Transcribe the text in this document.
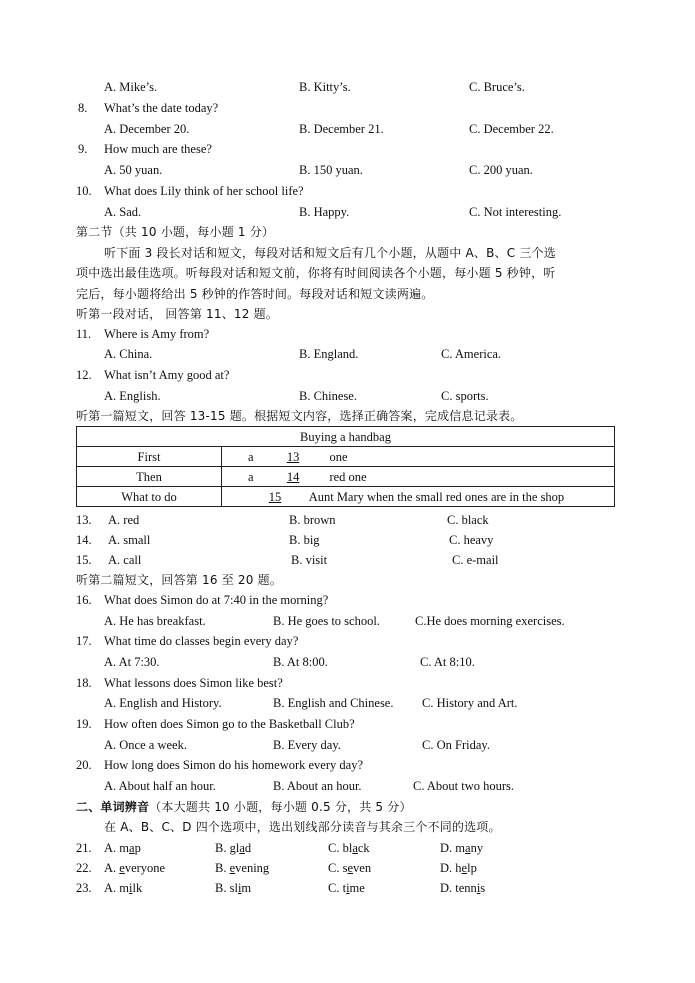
A. Mike’s.	B. Kitty’s.	C. Bruce’s.
8. What’s the date today?
A. December 20.	B. December 21.	C. December 22.
9. How much are these?
A. 50 yuan.	B. 150 yuan.	C. 200 yuan.
10. What does Lily think of her school life?
A. Sad.	B. Happy.	C. Not interesting.
第二节（共 10 小题，每小题 1 分）
听下面 3 段长对话和短文，每段对话和短文后有几个小题，从题中 A、B、C 三个选
项中选出最佳选项。听每段对话和短文前，你将有时间阅读各个小题，每小题 5 秒钟，听
完后，每小题将给出 5 秒钟的作答时间。每段对话和短文读两遍。
听第一段对话， 回答第 11、12 题。
11. Where is Amy from?
A. China.	B. England.	C. America.
12. What isn’t Amy good at?
A. English.	B. Chinese.	C. sports.
听第一篇短文，回答 13-15 题。根据短文内容，选择正确答案，完成信息记录表。
Buying a handbag	
First	a 13 one
Then	a 14 red one
What to do	15 Aunt Mary when the small red ones are in the shop
13. A. red	B. brown	C. black
14. A. small	B. big	C. heavy
15. A. call	B. visit	C. e-mail
听第二篇短文，回答第 16 至 20 题。
16. What does Simon do at 7:40 in the morning?
A. He has breakfast.	B. He goes to school.	C.He does morning exercises.
17. What time do classes begin every day?
A. At 7:30.	B. At 8:00.	C. At 8:10.
18. What lessons does Simon like best?
A. English and History.	B. English and Chinese. C. History and Art.
19. How often does Simon go to the Basketball Club?
A. Once a week.	B. Every day.	C. On Friday.
20. How long does Simon do his homework every day?
A. About half an hour.	B. About an hour.	C. About two hours.
二、单词辨音（本大题共 10 小题，每小题 0.5 分，共 5 分）
在 A、B、C、D 四个选项中，选出划线部分读音与其余三个不同的选项。
21. A. map	B. glad	C. black	D. many
22. A. everyone	B. evening	C. seven	D. help
23. A. milk	B. slim	C. time	D. tennis
